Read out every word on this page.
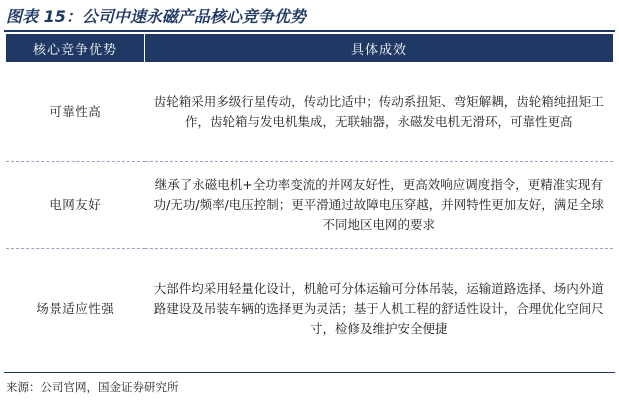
图表 15：公司中速永磁产品核心竞争优势
核心竞争优势	具体成效
可靠性高	齿轮箱采用多级行星传动，传动比适中；传动系扭矩、弯矩解耦，齿轮箱纯扭矩工作，齿轮箱与发电机集成，无联轴器，永磁发电机无滑环，可靠性更高
电网友好	继承了永磁电机+全功率变流的并网友好性，更高效响应调度指令，更精准实现有功/无功/频率/电压控制；更平滑通过故障电压穿越，并网特性更加友好，满足全球不同地区电网的要求
场景适应性强	大部件均采用轻量化设计，机舱可分体运输可分体吊装，运输道路选择、场内外道路建设及吊装车辆的选择更为灵活；基于人机工程的舒适性设计，合理优化空间尺寸，检修及维护安全便捷
来源：公司官网，国金证券研究所
